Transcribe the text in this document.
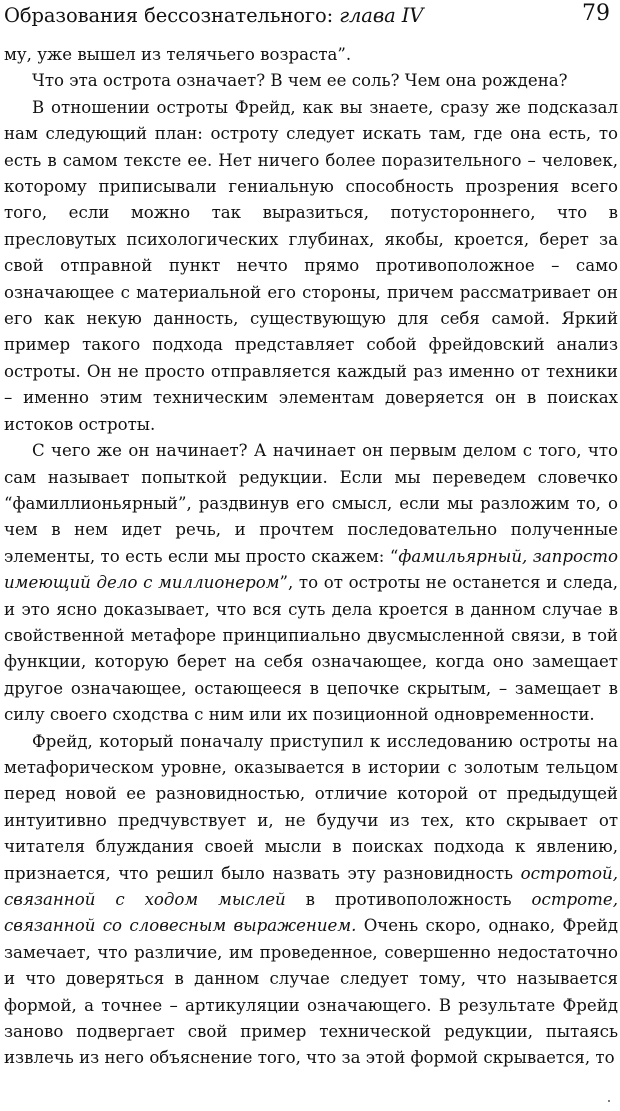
Образования бессознательного: глава IV	79

му, уже вышел из телячьего возраста”.

Что эта острота означает? В чем ее соль? Чем она рождена?

В отношении остроты Фрейд, как вы знаете, сразу же подсказал нам следующий план: остроту следует искать там, где она есть, то есть в самом тексте ее. Нет ничего более поразительного – человек, которому приписывали гениальную способность прозрения всего того, если можно так выразиться, потустороннего, что в пресловутых психологических глубинах, якобы, кроется, берет за свой отправной пункт нечто прямо противоположное – само означающее с материальной его стороны, причем рассматривает он его как некую данность, существующую для себя самой. Яркий пример такого подхода представляет собой фрейдовский анализ остроты. Он не просто отправляется каждый раз именно от техники – именно этим техническим элементам доверяется он в поисках истоков остроты.

С чего же он начинает? А начинает он первым делом с того, что сам называет попыткой редукции. Если мы переведем словечко “фамиллионьярный”, раздвинув его смысл, если мы разложим то, о чем в нем идет речь, и прочтем последовательно полученные элементы, то есть если мы просто скажем: “фамильярный, запросто имеющий дело с миллионером”, то от остроты не останется и следа, и это ясно доказывает, что вся суть дела кроется в данном случае в свойственной метафоре принципиально двусмысленной связи, в той функции, которую берет на себя означающее, когда оно замещает другое означающее, остающееся в цепочке скрытым, – замещает в силу своего сходства с ним или их позиционной одновременности.

Фрейд, который поначалу приступил к исследованию остроты на метафорическом уровне, оказывается в истории с золотым тельцом перед новой ее разновидностью, отличие которой от предыдущей интуитивно предчувствует и, не будучи из тех, кто скрывает от читателя блуждания своей мысли в поисках подхода к явлению, признается, что решил было назвать эту разновидность остротой, связанной с ходом мыслей в противоположность остроте, связанной со словесным выражением. Очень скоро, однако, Фрейд замечает, что различие, им проведенное, совершенно недостаточно и что доверяться в данном случае следует тому, что называется формой, а точнее – артикуляции означающего. В результате Фрейд заново подвергает свой пример технической редукции, пытаясь извлечь из него объяснение того, что за этой формой скрывается, то
